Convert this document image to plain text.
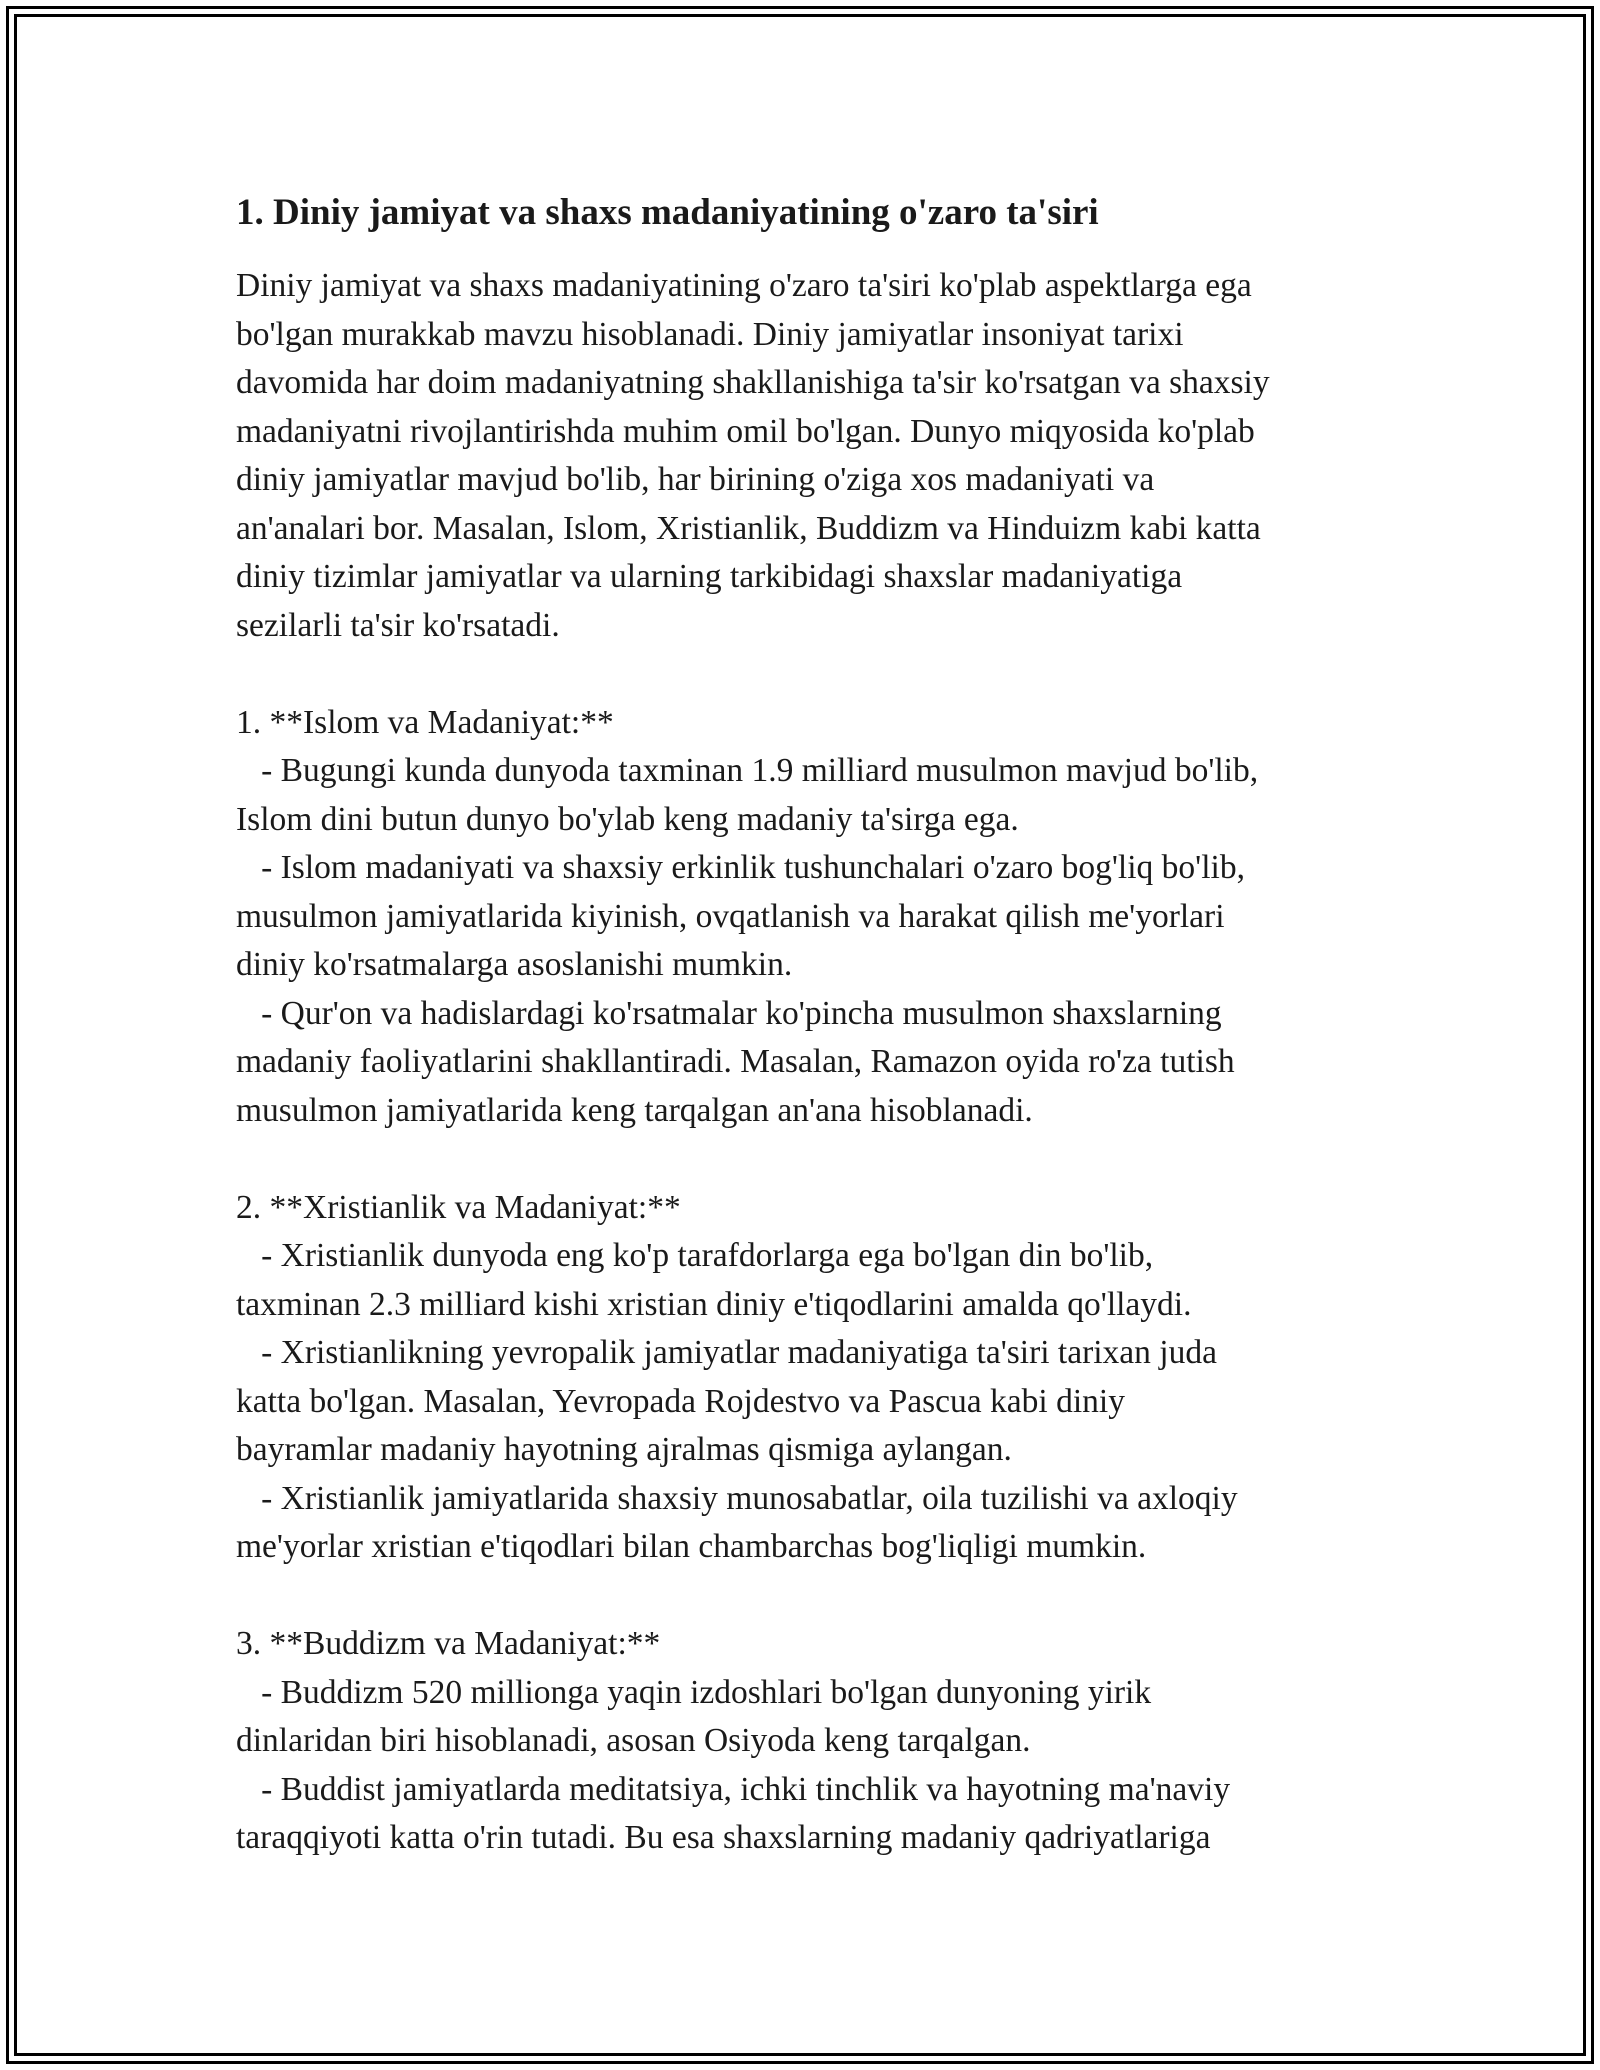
1. Diniy jamiyat va shaxs madaniyatining o'zaro ta'siri

Diniy jamiyat va shaxs madaniyatining o'zaro ta'siri ko'plab aspektlarga ega
bo'lgan murakkab mavzu hisoblanadi. Diniy jamiyatlar insoniyat tarixi
davomida har doim madaniyatning shakllanishiga ta'sir ko'rsatgan va shaxsiy
madaniyatni rivojlantirishda muhim omil bo'lgan. Dunyo miqyosida ko'plab
diniy jamiyatlar mavjud bo'lib, har birining o'ziga xos madaniyati va
an'analari bor. Masalan, Islom, Xristianlik, Buddizm va Hinduizm kabi katta
diniy tizimlar jamiyatlar va ularning tarkibidagi shaxslar madaniyatiga
sezilarli ta'sir ko'rsatadi.

1. **Islom va Madaniyat:**
- Bugungi kunda dunyoda taxminan 1.9 milliard musulmon mavjud bo'lib,
Islom dini butun dunyo bo'ylab keng madaniy ta'sirga ega.
- Islom madaniyati va shaxsiy erkinlik tushunchalari o'zaro bog'liq bo'lib,
musulmon jamiyatlarida kiyinish, ovqatlanish va harakat qilish me'yorlari
diniy ko'rsatmalarga asoslanishi mumkin.
- Qur'on va hadislardagi ko'rsatmalar ko'pincha musulmon shaxslarning
madaniy faoliyatlarini shakllantiradi. Masalan, Ramazon oyida ro'za tutish
musulmon jamiyatlarida keng tarqalgan an'ana hisoblanadi.
2. **Xristianlik va Madaniyat:**
- Xristianlik dunyoda eng ko'p tarafdorlarga ega bo'lgan din bo'lib,
taxminan 2.3 milliard kishi xristian diniy e'tiqodlarini amalda qo'llaydi.
- Xristianlikning yevropalik jamiyatlar madaniyatiga ta'siri tarixan juda
katta bo'lgan. Masalan, Yevropada Rojdestvo va Pascua kabi diniy
bayramlar madaniy hayotning ajralmas qismiga aylangan.
- Xristianlik jamiyatlarida shaxsiy munosabatlar, oila tuzilishi va axloqiy
me'yorlar xristian e'tiqodlari bilan chambarchas bog'liqligi mumkin.
3. **Buddizm va Madaniyat:**
- Buddizm 520 millionga yaqin izdoshlari bo'lgan dunyoning yirik
dinlaridan biri hisoblanadi, asosan Osiyoda keng tarqalgan.
- Buddist jamiyatlarda meditatsiya, ichki tinchlik va hayotning ma'naviy
taraqqiyoti katta o'rin tutadi. Bu esa shaxslarning madaniy qadriyatlariga
